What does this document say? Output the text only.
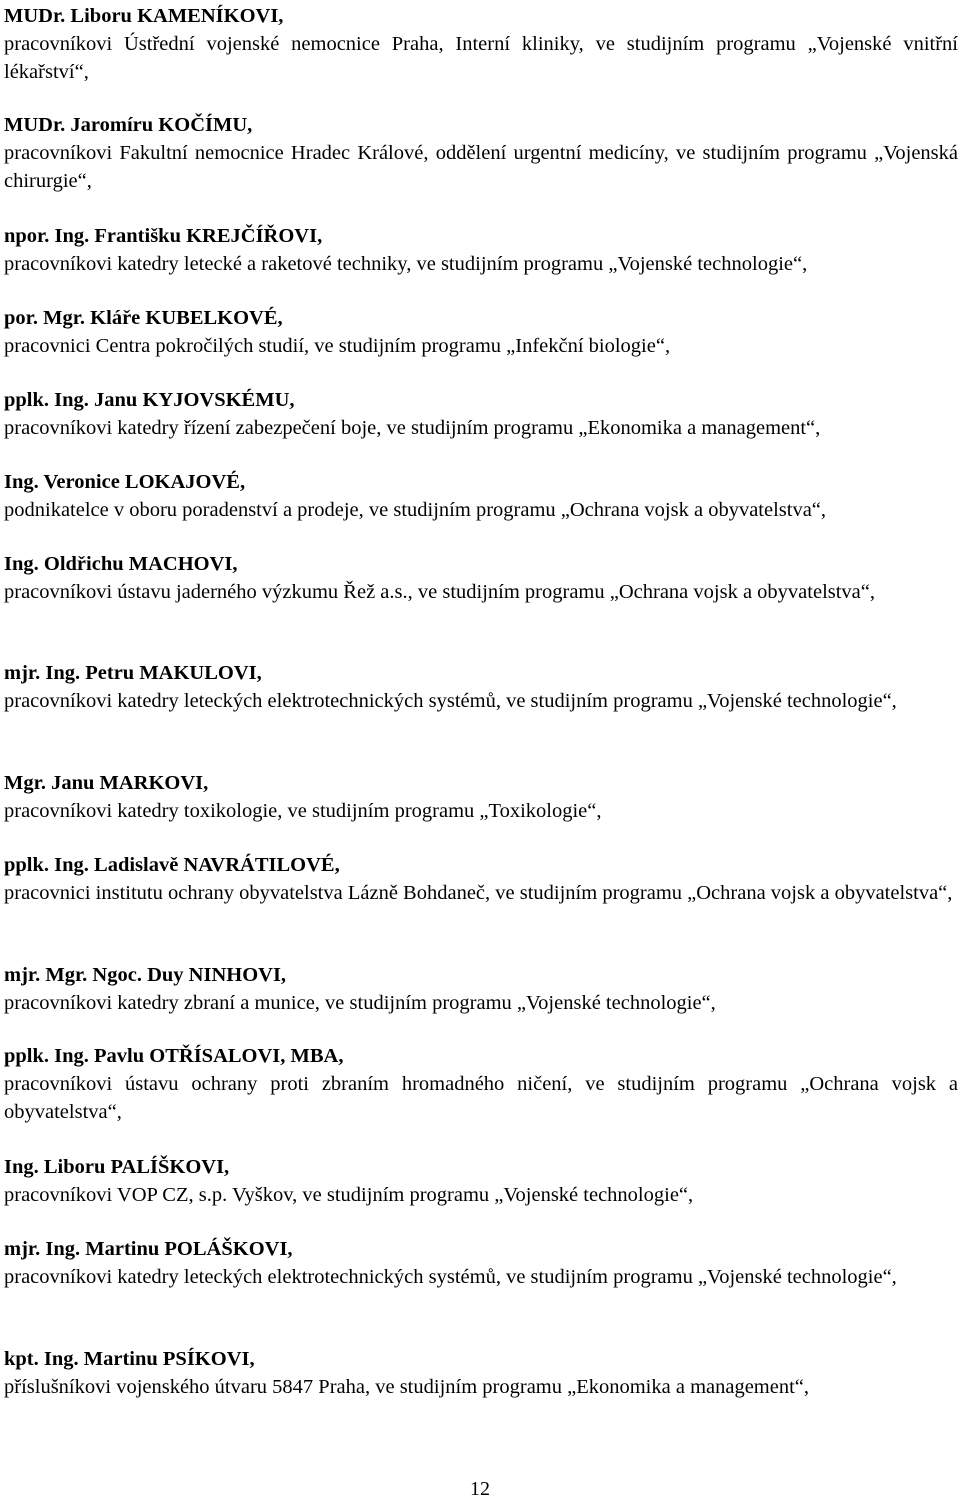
MUDr. Liboru KAMENÍKOVI,

pracovníkovi Ústřední vojenské nemocnice Praha, Interní kliniky, ve studijním programu „Vojenské vnitřní lékařství“,

MUDr. Jaromíru KOČÍMU,

pracovníkovi Fakultní nemocnice Hradec Králové, oddělení urgentní medicíny, ve studijním programu „Vojenská chirurgie“,

npor. Ing. Františku KREJČÍŘOVI,

pracovníkovi katedry letecké a raketové techniky, ve studijním programu „Vojenské technologie“,

por. Mgr. Kláře KUBELKOVÉ,

pracovnici Centra pokročilých studií, ve studijním programu „Infekční biologie“,

pplk. Ing. Janu KYJOVSKÉMU,

pracovníkovi katedry řízení zabezpečení boje, ve studijním programu „Ekonomika a management“,

Ing. Veronice LOKAJOVÉ,

podnikatelce v oboru poradenství a prodeje, ve studijním programu „Ochrana vojsk a obyvatelstva“,

Ing. Oldřichu MACHOVI,

pracovníkovi ústavu jaderného výzkumu Řež a.s., ve studijním programu „Ochrana vojsk a obyvatelstva“,

mjr. Ing. Petru MAKULOVI,

pracovníkovi katedry leteckých elektrotechnických systémů, ve studijním programu „Vojenské technologie“,

Mgr. Janu MARKOVI,

pracovníkovi katedry toxikologie, ve studijním programu „Toxikologie“,

pplk. Ing. Ladislavě NAVRÁTILOVÉ,

pracovnici institutu ochrany obyvatelstva Lázně Bohdaneč, ve studijním programu „Ochrana vojsk a obyvatelstva“,

mjr. Mgr. Ngoc. Duy NINHOVI,

pracovníkovi katedry zbraní a munice, ve studijním programu „Vojenské technologie“,

pplk. Ing. Pavlu OTŘÍSALOVI, MBA,

pracovníkovi ústavu ochrany proti zbraním hromadného ničení, ve studijním programu „Ochrana vojsk a obyvatelstva“,

Ing. Liboru PALÍŠKOVI,

pracovníkovi VOP CZ, s.p. Vyškov, ve studijním programu „Vojenské technologie“,

mjr. Ing. Martinu POLÁŠKOVI,

pracovníkovi katedry leteckých elektrotechnických systémů, ve studijním programu „Vojenské technologie“,

kpt. Ing. Martinu PSÍKOVI,

příslušníkovi vojenského útvaru 5847 Praha, ve studijním programu „Ekonomika a management“,

12
